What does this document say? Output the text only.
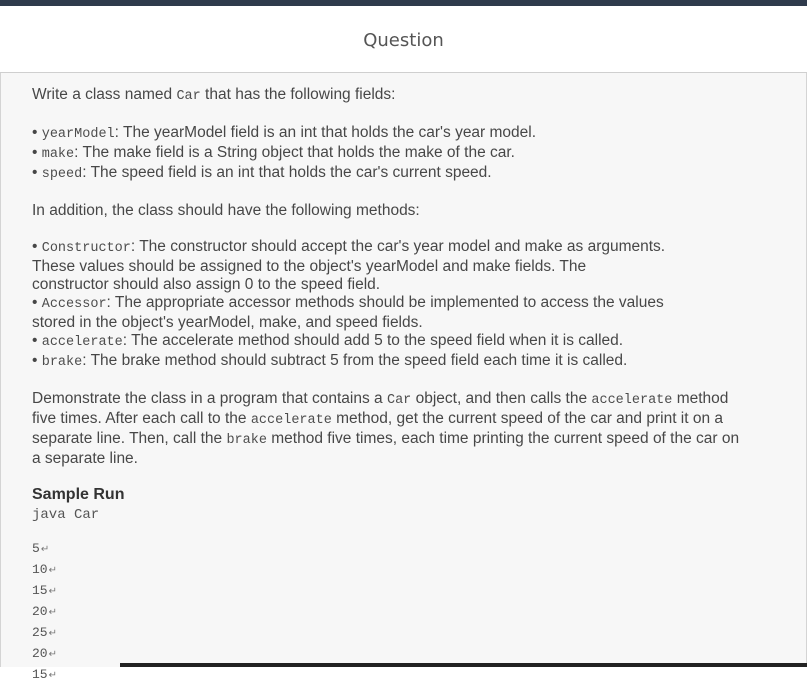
Question

Write a class named Car that has the following fields:

• yearModel: The yearModel field is an int that holds the car's year model.

• make: The make field is a String object that holds the make of the car.

• speed: The speed field is an int that holds the car's current speed.

In addition, the class should have the following methods:

• Constructor: The constructor should accept the car's year model and make as arguments.

These values should be assigned to the object's yearModel and make fields. The

constructor should also assign 0 to the speed field.

• Accessor: The appropriate accessor methods should be implemented to access the values

stored in the object's yearModel, make, and speed fields.

• accelerate: The accelerate method should add 5 to the speed field when it is called.

• brake: The brake method should subtract 5 from the speed field each time it is called.

Demonstrate the class in a program that contains a Car object, and then calls the accelerate method

five times. After each call to the accelerate method, get the current speed of the car and print it on a

separate line. Then, call the brake method five times, each time printing the current speed of the car on

a separate line.

Sample Run

java Car
5↵
10↵
15↵
20↵
25↵
20↵
15↵
